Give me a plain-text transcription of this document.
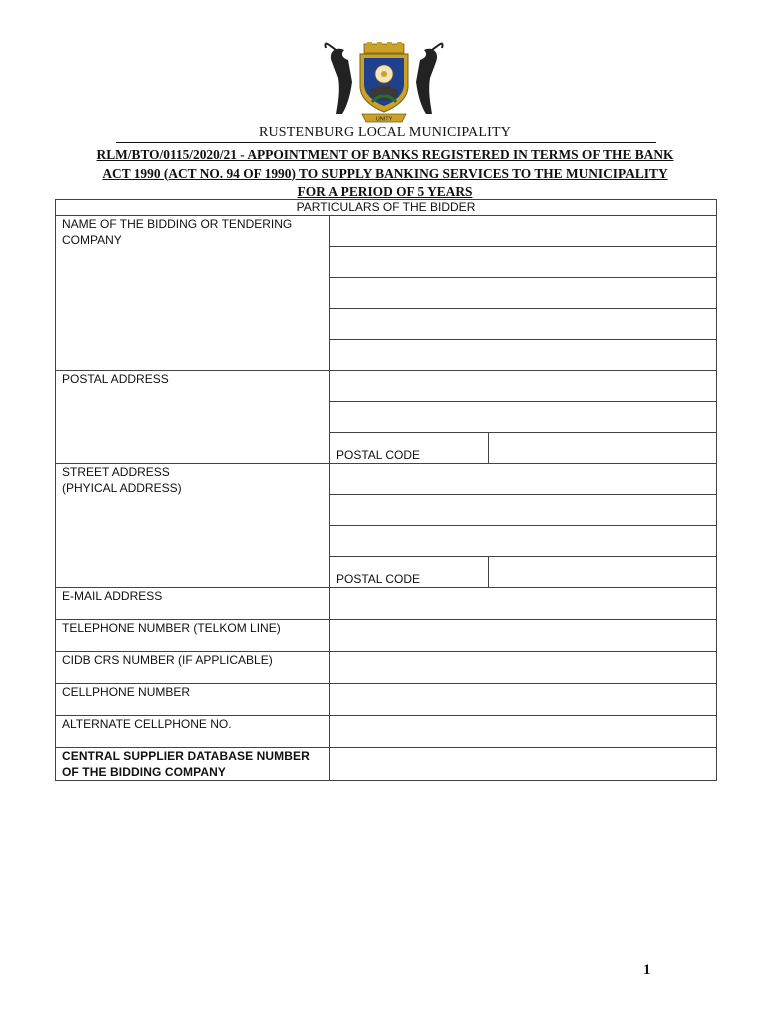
UNITY
RUSTENBURG LOCAL MUNICIPALITY
RLM/BTO/0115/2020/21 - APPOINTMENT OF BANKS REGISTERED IN TERMS OF THE BANK ACT 1990 (ACT NO. 94 OF 1990) TO SUPPLY BANKING SERVICES TO THE MUNICIPALITY FOR A PERIOD OF 5 YEARS
PARTICULARS OF THE BIDDER		
NAME OF THE BIDDING OR TENDERING COMPANY		

POSTAL ADDRESS		

	POSTAL CODE	

STREET ADDRESS
(PHYICAL ADDRESS)		

	POSTAL CODE	
E-MAIL ADDRESS		
TELEPHONE NUMBER (TELKOM LINE)		
CIDB CRS NUMBER (IF APPLICABLE)		
CELLPHONE NUMBER		
ALTERNATE CELLPHONE NO.		
CENTRAL SUPPLIER DATABASE NUMBER OF THE BIDDING COMPANY		
1
